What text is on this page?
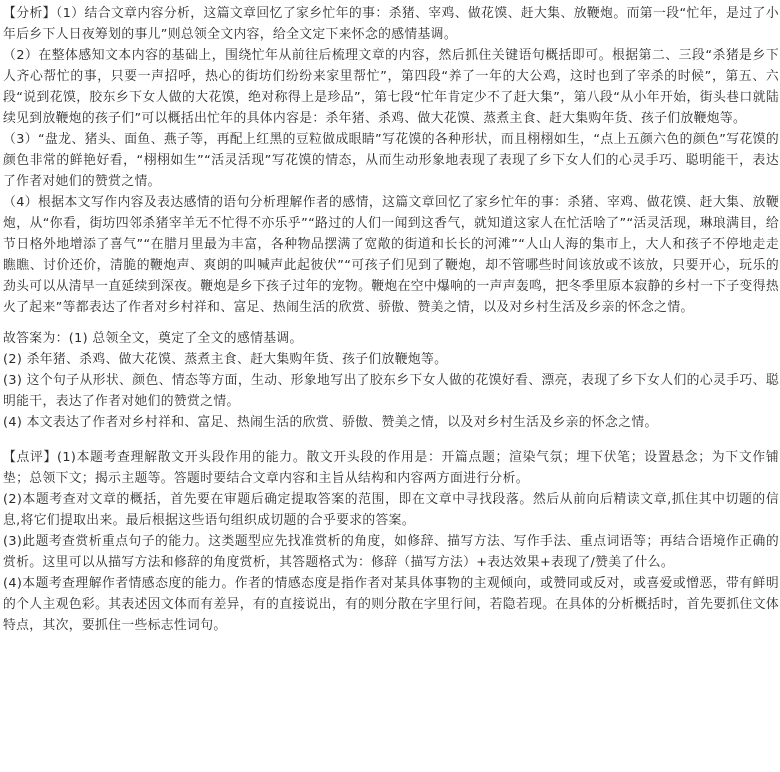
【分析】（1）结合文章内容分析，这篇文章回忆了家乡忙年的事：杀猪、宰鸡、做花馍、赶大集、放鞭炮。而第一段“忙年，是过了小年后乡下人日夜筹划的事儿”则总领全文内容，给全文定下来怀念的感情基调。

（2）在整体感知文本内容的基础上，围绕忙年从前往后梳理文章的内容，然后抓住关键语句概括即可。根据第二、三段“杀猪是乡下人齐心帮忙的事，只要一声招呼，热心的街坊们纷纷来家里帮忙”，第四段“养了一年的大公鸡，这时也到了宰杀的时候”，第五、六段“说到花馍，胶东乡下女人做的大花馍，绝对称得上是珍品”，第七段“忙年肯定少不了赶大集”，第八段“从小年开始，街头巷口就陆续见到放鞭炮的孩子们”可以概括出忙年的具体内容是：杀年猪、杀鸡、做大花馍、蒸煮主食、赶大集购年货、孩子们放鞭炮等。

（3）“盘龙、猪头、面鱼、燕子等，再配上红黑的豆粒做成眼睛”写花馍的各种形状，而且栩栩如生，“点上五颜六色的颜色”写花馍的颜色非常的鲜艳好看，“栩栩如生”“活灵活现”写花馍的情态，从而生动形象地表现了表现了乡下女人们的心灵手巧、聪明能干，表达了作者对她们的赞赏之情。

（4）根据本文写作内容及表达感情的语句分析理解作者的感情，这篇文章回忆了家乡忙年的事：杀猪、宰鸡、做花馍、赶大集、放鞭炮，从“你看，街坊四邻杀猪宰羊无不忙得不亦乐乎”“路过的人们一闻到这香气，就知道这家人在忙活啥了”“活灵活现，琳琅满目，给节日格外地增添了喜气”“在腊月里最为丰富，各种物品摆满了宽敞的街道和长长的河滩”“人山人海的集市上，大人和孩子不停地走走瞧瞧、讨价还价，清脆的鞭炮声、爽朗的叫喊声此起彼伏”“可孩子们见到了鞭炮，却不管哪些时间该放或不该放，只要开心，玩乐的劲头可以从清早一直延续到深夜。鞭炮是乡下孩子过年的宠物。鞭炮在空中爆响的一声声轰鸣，把冬季里原本寂静的乡村一下子变得热火了起来”等都表达了作者对乡村祥和、富足、热闹生活的欣赏、骄傲、赞美之情，以及对乡村生活及乡亲的怀念之情。

故答案为：(1) 总领全文，奠定了全文的感情基调。

(2) 杀年猪、杀鸡、做大花馍、蒸煮主食、赶大集购年货、孩子们放鞭炮等。

(3) 这个句子从形状、颜色、情态等方面，生动、形象地写出了胶东乡下女人做的花馍好看、漂亮，表现了乡下女人们的心灵手巧、聪明能干，表达了作者对她们的赞赏之情。

(4) 本文表达了作者对乡村祥和、富足、热闹生活的欣赏、骄傲、赞美之情，以及对乡村生活及乡亲的怀念之情。

【点评】(1)本题考查理解散文开头段作用的能力。散文开头段的作用是：开篇点题；渲染气氛；埋下伏笔；设置悬念；为下文作铺垫；总领下文；揭示主题等。答题时要结合文章内容和主旨从结构和内容两方面进行分析。

(2)本题考查对文章的概括，首先要在审题后确定提取答案的范围，即在文章中寻找段落。然后从前向后精读文章,抓住其中切题的信息,将它们提取出来。最后根据这些语句组织成切题的合乎要求的答案。

(3)此题考查赏析重点句子的能力。这类题型应先找准赏析的角度，如修辞、描写方法、写作手法、重点词语等；再结合语境作正确的赏析。这里可以从描写方法和修辞的角度赏析，其答题格式为：修辞（描写方法）+表达效果+表现了/赞美了什么。

(4)本题考查理解作者情感态度的能力。作者的情感态度是指作者对某具体事物的主观倾向，或赞同或反对，或喜爱或憎恶，带有鲜明的个人主观色彩。其表述因文体而有差异，有的直接说出，有的则分散在字里行间，若隐若现。在具体的分析概括时，首先要抓住文体特点，其次，要抓住一些标志性词句。
